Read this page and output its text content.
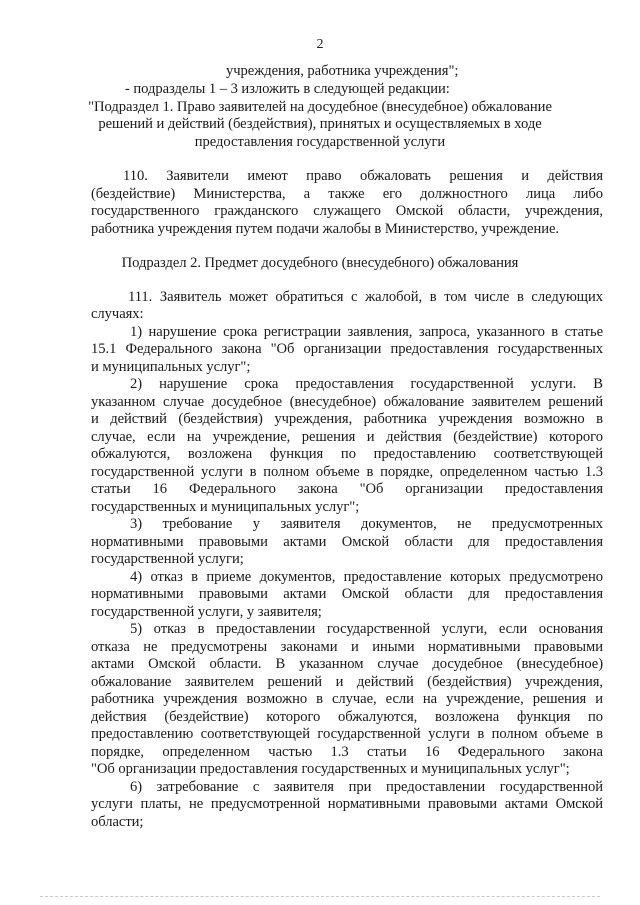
2
учреждения, работника учреждения";
- подразделы 1 – 3 изложить в следующей редакции:
"Подраздел 1. Право заявителей на досудебное (внесудебное) обжалование
решений и действий (бездействия), принятых и осуществляемых в ходе
предоставления государственной услуги
110. Заявители имеют право обжаловать решения и действия
(бездействие) Министерства, а также его должностного лица либо
государственного гражданского служащего Омской области, учреждения,
работника учреждения путем подачи жалобы в Министерство, учреждение.
Подраздел 2. Предмет досудебного (внесудебного) обжалования
111. Заявитель может обратиться с жалобой, в том числе в следующих
случаях:
1) нарушение срока регистрации заявления, запроса, указанного в статье
15.1 Федерального закона "Об организации предоставления государственных
и муниципальных услуг";
2) нарушение срока предоставления государственной услуги. В
указанном случае досудебное (внесудебное) обжалование заявителем решений
и действий (бездействия) учреждения, работника учреждения возможно в
случае, если на учреждение, решения и действия (бездействие) которого
обжалуются, возложена функция по предоставлению соответствующей
государственной услуги в полном объеме в порядке, определенном частью 1.3
статьи 16 Федерального закона "Об организации предоставления
государственных и муниципальных услуг";
3) требование у заявителя документов, не предусмотренных
нормативными правовыми актами Омской области для предоставления
государственной услуги;
4) отказ в приеме документов, предоставление которых предусмотрено
нормативными правовыми актами Омской области для предоставления
государственной услуги, у заявителя;
5) отказ в предоставлении государственной услуги, если основания
отказа не предусмотрены законами и иными нормативными правовыми
актами Омской области. В указанном случае досудебное (внесудебное)
обжалование заявителем решений и действий (бездействия) учреждения,
работника учреждения возможно в случае, если на учреждение, решения и
действия (бездействие) которого обжалуются, возложена функция по
предоставлению соответствующей государственной услуги в полном объеме в
порядке, определенном частью 1.3 статьи 16 Федерального закона
"Об организации предоставления государственных и муниципальных услуг";
6) затребование с заявителя при предоставлении государственной
услуги платы, не предусмотренной нормативными правовыми актами Омской
области;
